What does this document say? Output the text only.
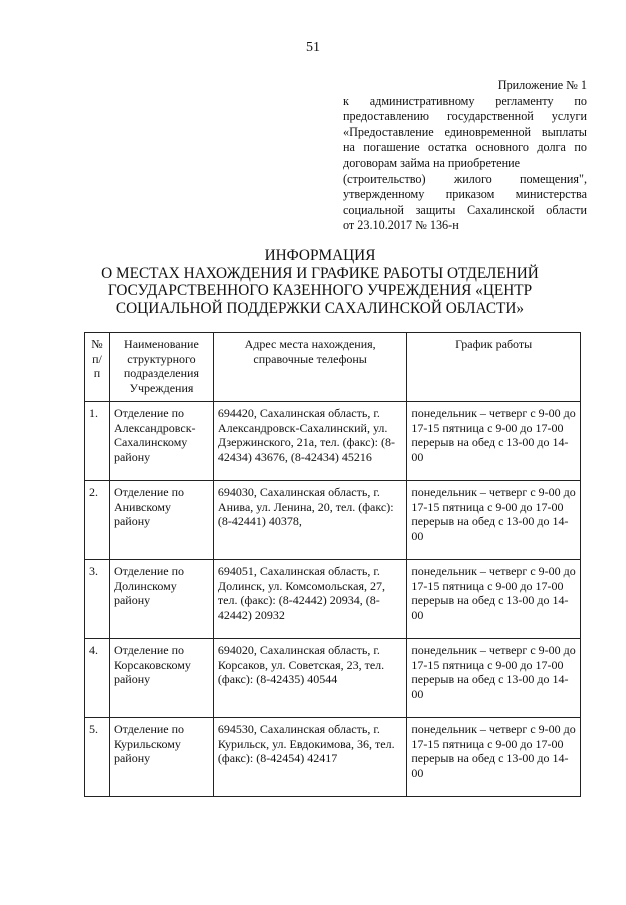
51
Приложение № 1
к административному регламенту по
предоставлению государственной услуги
«Предоставление единовременной выплаты
на погашение остатка основного долга по
договорам займа на приобретение
(строительство) жилого помещения",
утвержденному приказом министерства
социальной защиты Сахалинской области
от 23.10.2017 № 136-н
ИНФОРМАЦИЯ
О МЕСТАХ НАХОЖДЕНИЯ И ГРАФИКЕ РАБОТЫ ОТДЕЛЕНИЙ
ГОСУДАРСТВЕННОГО КАЗЕННОГО УЧРЕЖДЕНИЯ «ЦЕНТР
СОЦИАЛЬНОЙ ПОДДЕРЖКИ САХАЛИНСКОЙ ОБЛАСТИ»
№ п/п	Наименование структурного подразделения Учреждения	Адрес места нахождения, справочные телефоны	График работы
1.	Отделение по Александровск-Сахалинскому району	694420, Сахалинская область, г. Александровск-Сахалинский, ул. Дзержинского, 21а, тел. (факс): (8-42434) 43676, (8-42434) 45216	понедельник – четверг с 9-00 до 17-15 пятница с 9-00 до 17-00 перерыв на обед с 13-00 до 14-00
2.	Отделение по Анивскому району	694030, Сахалинская область, г. Анива, ул. Ленина, 20, тел. (факс): (8-42441) 40378,	понедельник – четверг с 9-00 до 17-15 пятница с 9-00 до 17-00 перерыв на обед с 13-00 до 14-00
3.	Отделение по Долинскому району	694051, Сахалинская область, г. Долинск, ул. Комсомольская, 27, тел. (факс): (8-42442) 20934, (8-42442) 20932	понедельник – четверг с 9-00 до 17-15 пятница с 9-00 до 17-00 перерыв на обед с 13-00 до 14-00
4.	Отделение по Корсаковскому району	694020, Сахалинская область, г. Корсаков, ул. Советская, 23, тел. (факс): (8-42435) 40544	понедельник – четверг с 9-00 до 17-15 пятница с 9-00 до 17-00 перерыв на обед с 13-00 до 14-00
5.	Отделение по Курильскому району	694530, Сахалинская область, г. Курильск, ул. Евдокимова, 36, тел. (факс): (8-42454) 42417	понедельник – четверг с 9-00 до 17-15 пятница с 9-00 до 17-00 перерыв на обед с 13-00 до 14-00
